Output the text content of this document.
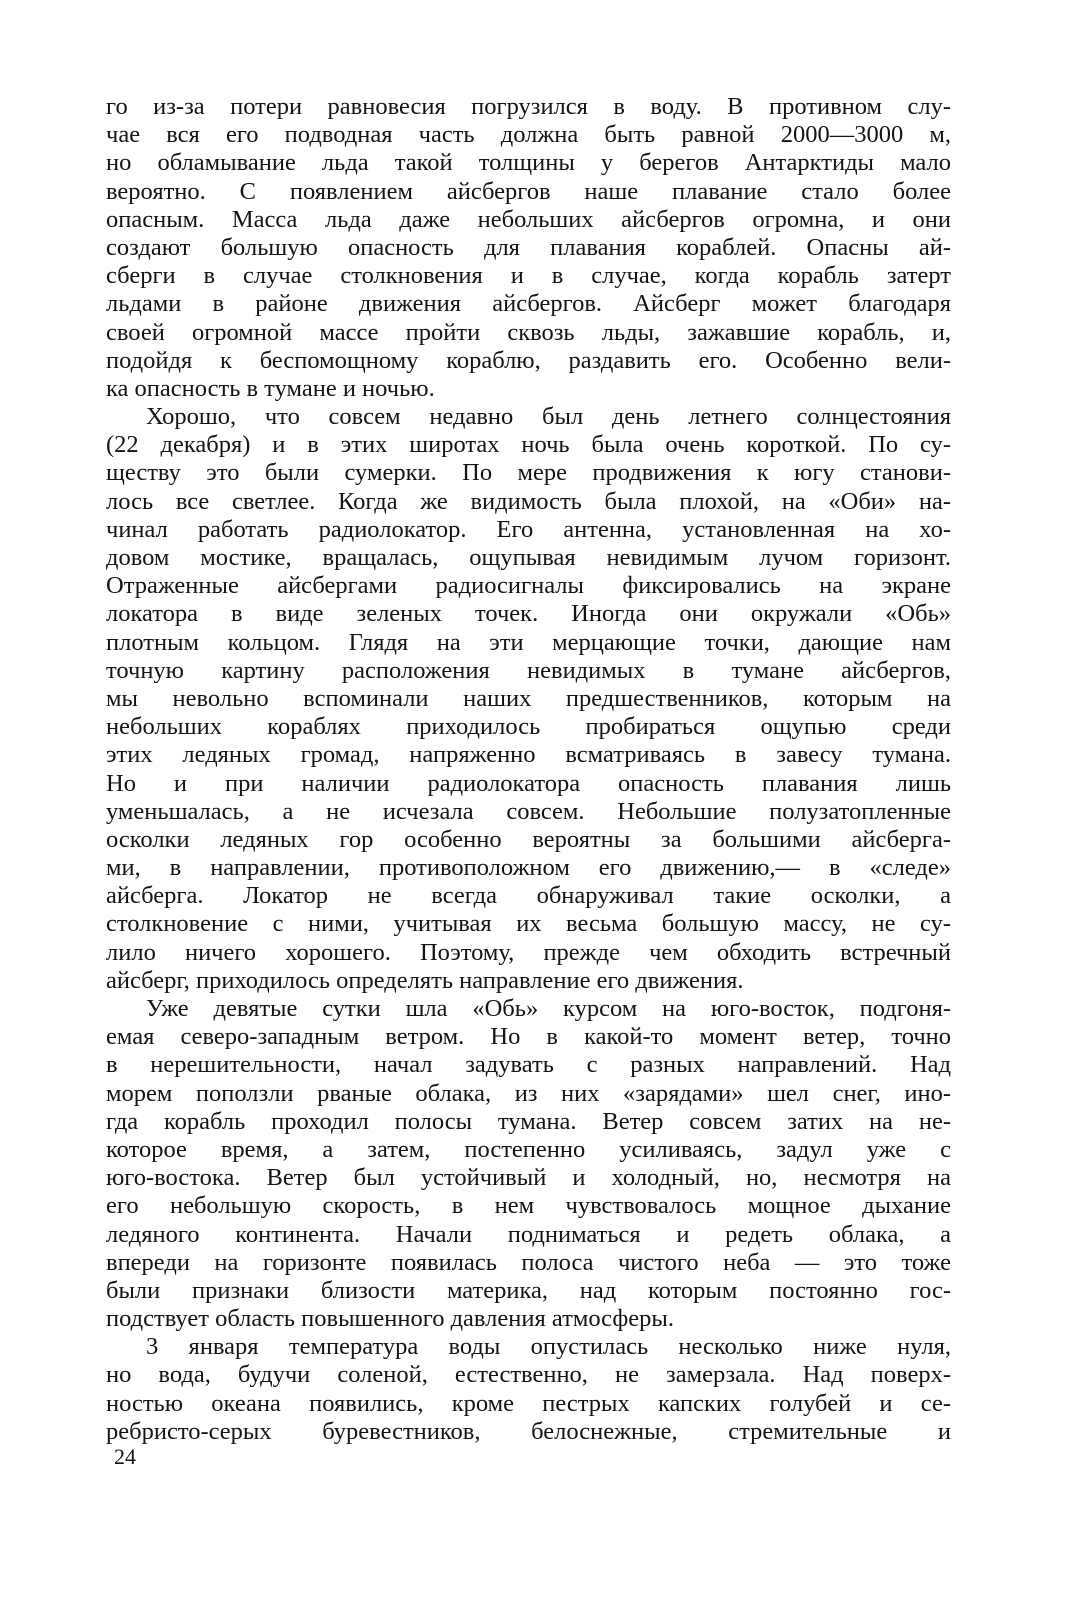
го из-за потери равновесия погрузился в воду. В противном слу-
чае вся его подводная часть должна быть равной 2000—3000 м,
но обламывание льда такой толщины у берегов Антарктиды мало
вероятно. С появлением айсбергов наше плавание стало более
опасным. Масса льда даже небольших айсбергов огромна, и они
создают большую опасность для плавания кораблей. Опасны ай-
сберги в случае столкновения и в случае, когда корабль затерт
льдами в районе движения айсбергов. Айсберг может благодаря
своей огромной массе пройти сквозь льды, зажавшие корабль, и,
подойдя к беспомощному кораблю, раздавить его. Особенно вели-
ка опасность в тумане и ночью.
Хорошо, что совсем недавно был день летнего солнцестояния
(22 декабря) и в этих широтах ночь была очень короткой. По су-
ществу это были сумерки. По мере продвижения к югу станови-
лось все светлее. Когда же видимость была плохой, на «Оби» на-
чинал работать радиолокатор. Его антенна, установленная на хо-
довом мостике, вращалась, ощупывая невидимым лучом горизонт.
Отраженные айсбергами радиосигналы фиксировались на экране
локатора в виде зеленых точек. Иногда они окружали «Обь»
плотным кольцом. Глядя на эти мерцающие точки, дающие нам
точную картину расположения невидимых в тумане айсбергов,
мы невольно вспоминали наших предшественников, которым на
небольших кораблях приходилось пробираться ощупью среди
этих ледяных громад, напряженно всматриваясь в завесу тумана.
Но и при наличии радиолокатора опасность плавания лишь
уменьшалась, а не исчезала совсем. Небольшие полузатопленные
осколки ледяных гор особенно вероятны за большими айсберга-
ми, в направлении, противоположном его движению,— в «следе»
айсберга. Локатор не всегда обнаруживал такие осколки, а
столкновение с ними, учитывая их весьма большую массу, не су-
лило ничего хорошего. Поэтому, прежде чем обходить встречный
айсберг, приходилось определять направление его движения.
Уже девятые сутки шла «Обь» курсом на юго-восток, подгоня-
емая северо-западным ветром. Но в какой-то момент ветер, точно
в нерешительности, начал задувать с разных направлений. Над
морем поползли рваные облака, из них «зарядами» шел снег, ино-
гда корабль проходил полосы тумана. Ветер совсем затих на не-
которое время, а затем, постепенно усиливаясь, задул уже с
юго-востока. Ветер был устойчивый и холодный, но, несмотря на
его небольшую скорость, в нем чувствовалось мощное дыхание
ледяного континента. Начали подниматься и редеть облака, а
впереди на горизонте появилась полоса чистого неба — это тоже
были признаки близости материка, над которым постоянно гос-
подствует область повышенного давления атмосферы.
3 января температура воды опустилась несколько ниже нуля,
но вода, будучи соленой, естественно, не замерзала. Над поверх-
ностью океана появились, кроме пестрых капских голубей и се-
ребристо-серых буревестников, белоснежные, стремительные и
24
